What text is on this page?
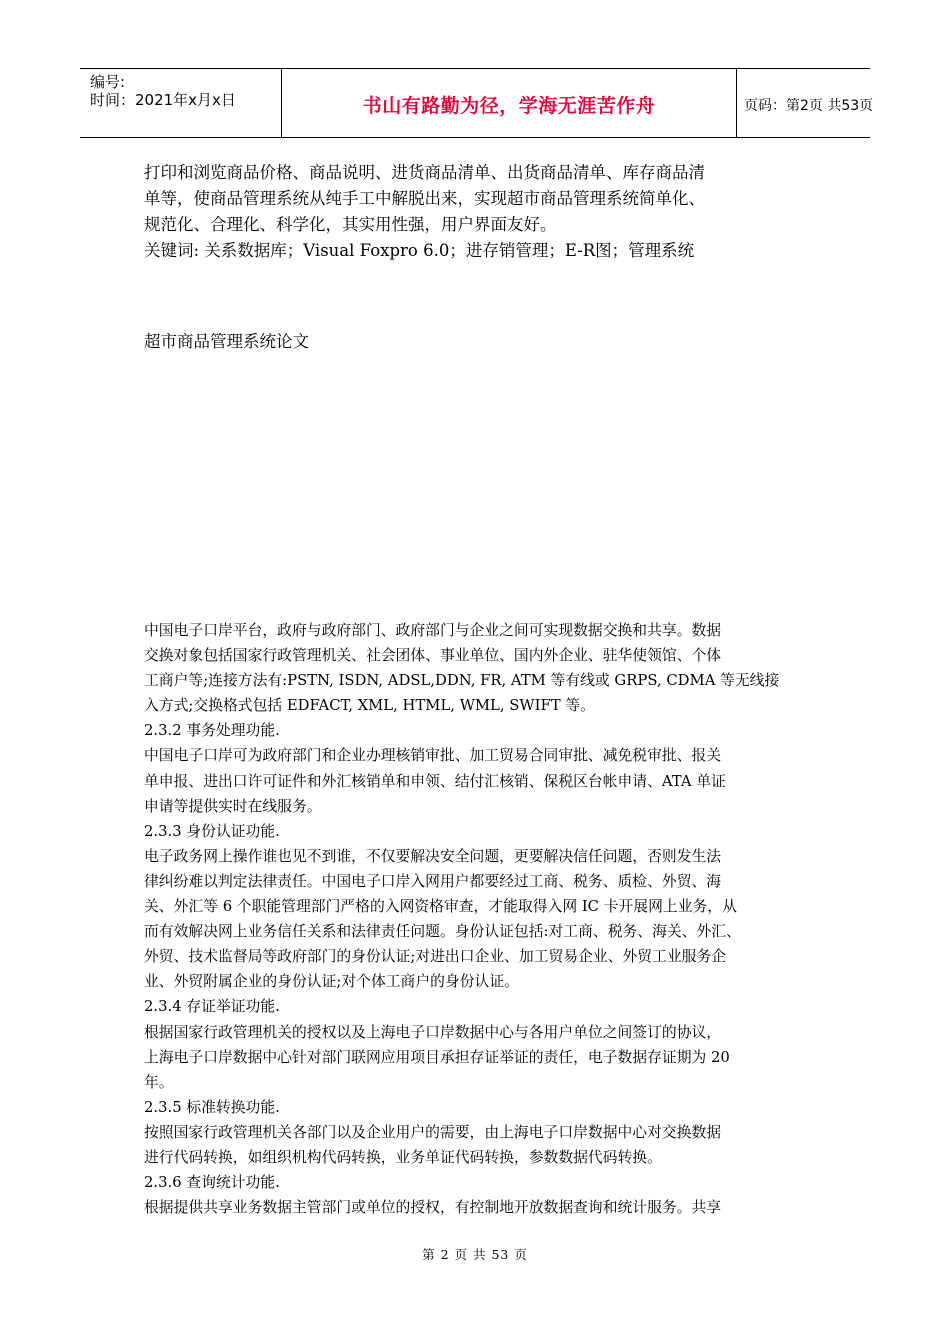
编号:
时间：2021年x月x日	书山有路勤为径，学海无涯苦作舟	页码：第2页 共53页
打印和浏览商品价格、商品说明、进货商品清单、出货商品清单、库存商品清
单等，使商品管理系统从纯手工中解脱出来，实现超市商品管理系统简单化、
规范化、合理化、科学化，其实用性强，用户界面友好。
关键词: 关系数据库；Visual Foxpro 6.0；进存销管理；E-R图；管理系统
超市商品管理系统论文
中国电子口岸平台，政府与政府部门、政府部门与企业之间可实现数据交换和共享。数据
交换对象包括国家行政管理机关、社会团体、事业单位、国内外企业、驻华使领馆、个体
工商户等;连接方法有:PSTN, ISDN, ADSL,DDN, FR, ATM 等有线或 GRPS, CDMA 等无线接
入方式;交换格式包括 EDFACT, XML, HTML, WML, SWIFT 等。
2.3.2 事务处理功能.
中国电子口岸可为政府部门和企业办理核销审批、加工贸易合同审批、减免税审批、报关
单申报、进出口许可证件和外汇核销单和申领、结付汇核销、保税区台帐申请、ATA 单证
申请等提供实时在线服务。
2.3.3 身份认证功能.
电子政务网上操作谁也见不到谁，不仅要解决安全问题，更要解决信任问题，否则发生法
律纠纷难以判定法律责任。中国电子口岸入网用户都要经过工商、税务、质检、外贸、海
关、外汇等 6 个职能管理部门严格的入网资格审查，才能取得入网 IC 卡开展网上业务，从
而有效解决网上业务信任关系和法律责任问题。身份认证包括:对工商、税务、海关、外汇、
外贸、技术监督局等政府部门的身份认证;对进出口企业、加工贸易企业、外贸工业服务企
业、外贸附属企业的身份认证;对个体工商户的身份认证。
2.3.4 存证举证功能.
根据国家行政管理机关的授权以及上海电子口岸数据中心与各用户单位之间签订的协议，
上海电子口岸数据中心针对部门联网应用项目承担存证举证的责任，电子数据存证期为 20
年。
2.3.5 标准转换功能.
按照国家行政管理机关各部门以及企业用户的需要，由上海电子口岸数据中心对交换数据
进行代码转换，如组织机构代码转换，业务单证代码转换，参数数据代码转换。
2.3.6 查询统计功能.
根据提供共享业务数据主管部门或单位的授权，有控制地开放数据查询和统计服务。共享
第 2 页 共 53 页
